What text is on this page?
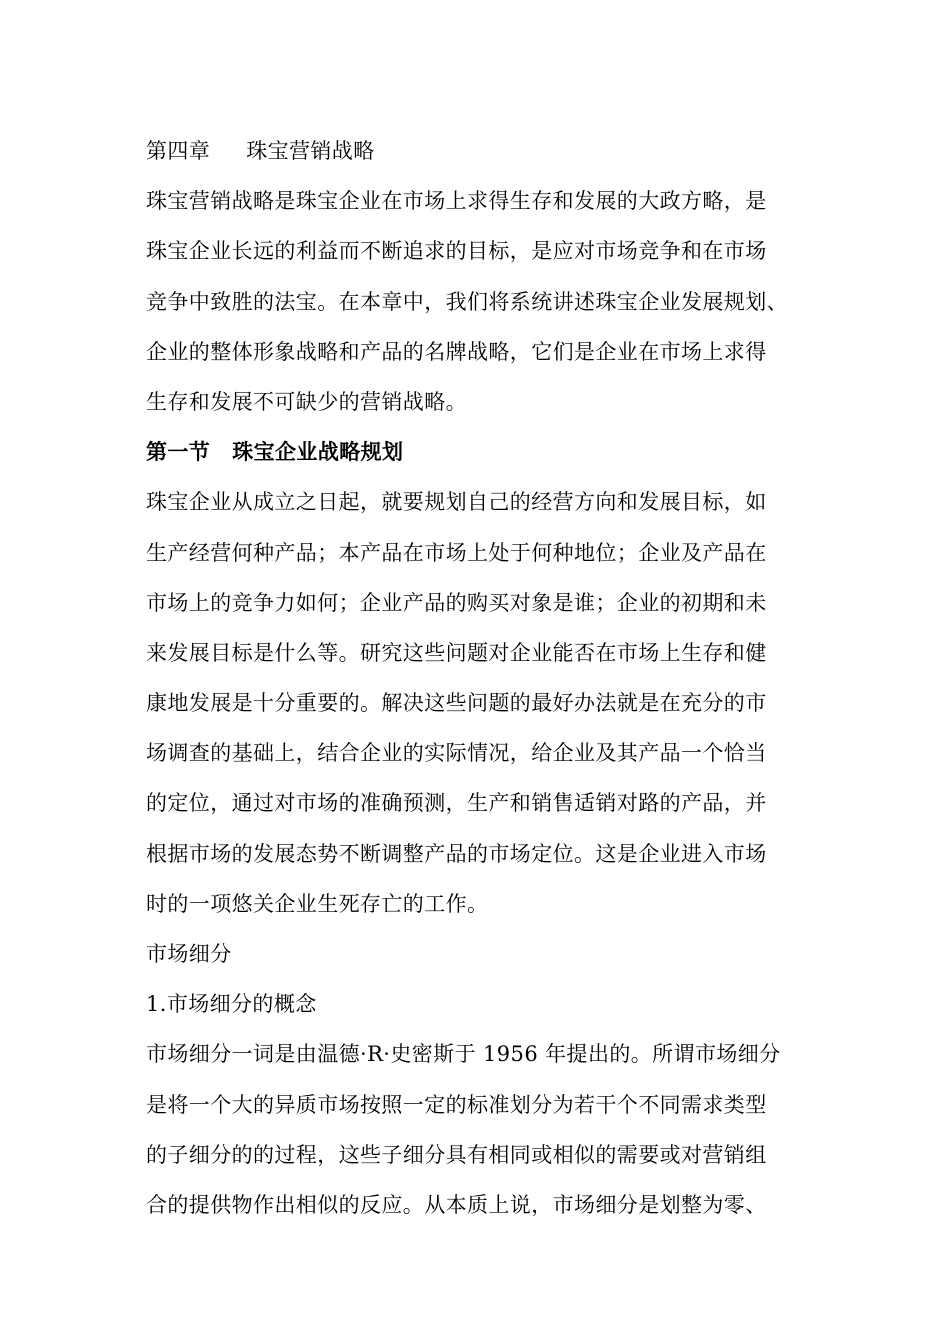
第四章 珠宝营销战略
珠宝营销战略是珠宝企业在市场上求得生存和发展的大政方略，是
珠宝企业长远的利益而不断追求的目标，是应对市场竞争和在市场
竞争中致胜的法宝。在本章中，我们将系统讲述珠宝企业发展规划、
企业的整体形象战略和产品的名牌战略，它们是企业在市场上求得
生存和发展不可缺少的营销战略。
第一节 珠宝企业战略规划
珠宝企业从成立之日起，就要规划自己的经营方向和发展目标，如
生产经营何种产品；本产品在市场上处于何种地位；企业及产品在
市场上的竞争力如何；企业产品的购买对象是谁；企业的初期和未
来发展目标是什么等。研究这些问题对企业能否在市场上生存和健
康地发展是十分重要的。解决这些问题的最好办法就是在充分的市
场调查的基础上，结合企业的实际情况，给企业及其产品一个恰当
的定位，通过对市场的准确预测，生产和销售适销对路的产品，并
根据市场的发展态势不断调整产品的市场定位。这是企业进入市场
时的一项悠关企业生死存亡的工作。
市场细分
1.市场细分的概念
市场细分一词是由温德·R·史密斯于 1956 年提出的。所谓市场细分
是将一个大的异质市场按照一定的标准划分为若干个不同需求类型
的子细分的的过程，这些子细分具有相同或相似的需要或对营销组
合的提供物作出相似的反应。从本质上说，市场细分是划整为零、
